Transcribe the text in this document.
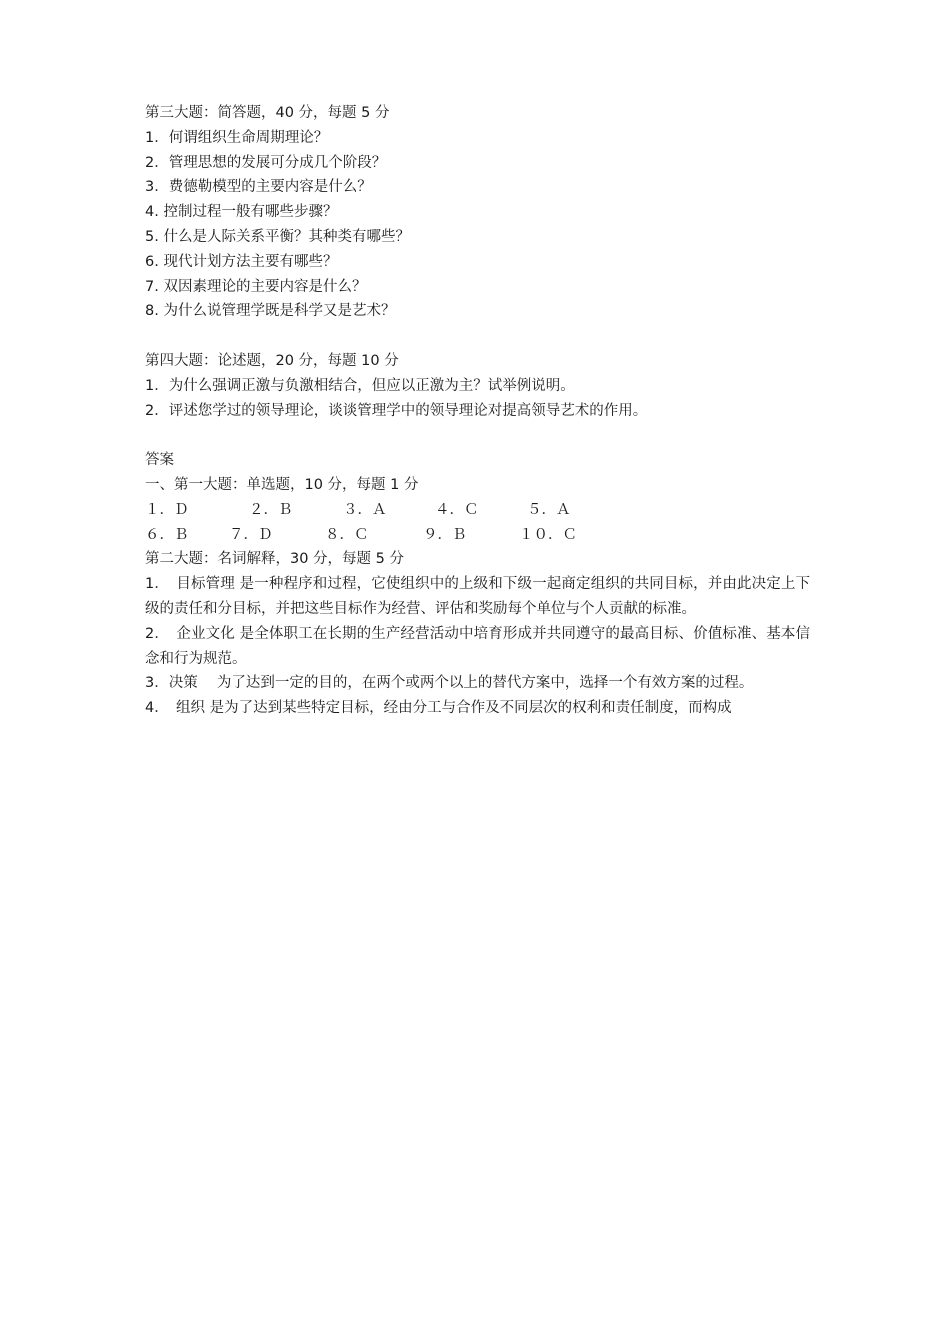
第三大题：简答题，40 分，每题 5 分
1．何谓组织生命周期理论？
2．管理思想的发展可分成几个阶段？
3．费德勒模型的主要内容是什么？
4. 控制过程一般有哪些步骤？
5. 什么是人际关系平衡？其种类有哪些？
6. 现代计划方法主要有哪些？
7. 双因素理论的主要内容是什么？
8. 为什么说管理学既是科学又是艺术？
第四大题：论述题，20 分，每题 10 分
1．为什么强调正激与负激相结合，但应以正激为主？试举例说明。
2．评述您学过的领导理论，谈谈管理学中的领导理论对提高领导艺术的作用。
答案
一、第一大题：单选题，10 分，每题 1 分
１．Ｄ	２．Ｂ	３．Ａ	４．Ｃ	５．Ａ
６．Ｂ	７．Ｄ	８．Ｃ	９．Ｂ	１０．Ｃ
第二大题：名词解释，30 分，每题 5 分
1．　目标管理 是一种程序和过程，它使组织中的上级和下级一起商定组织的共同目标，并由此决定上下级的责任和分目标，并把这些目标作为经营、评估和奖励每个单位与个人贡献的标准。
2．　企业文化 是全体职工在长期的生产经营活动中培育形成并共同遵守的最高目标、价值标准、基本信念和行为规范。
3．决策　 为了达到一定的目的，在两个或两个以上的替代方案中，选择一个有效方案的过程。
4．　组织 是为了达到某些特定目标，经由分工与合作及不同层次的权利和责任制度，而构成
